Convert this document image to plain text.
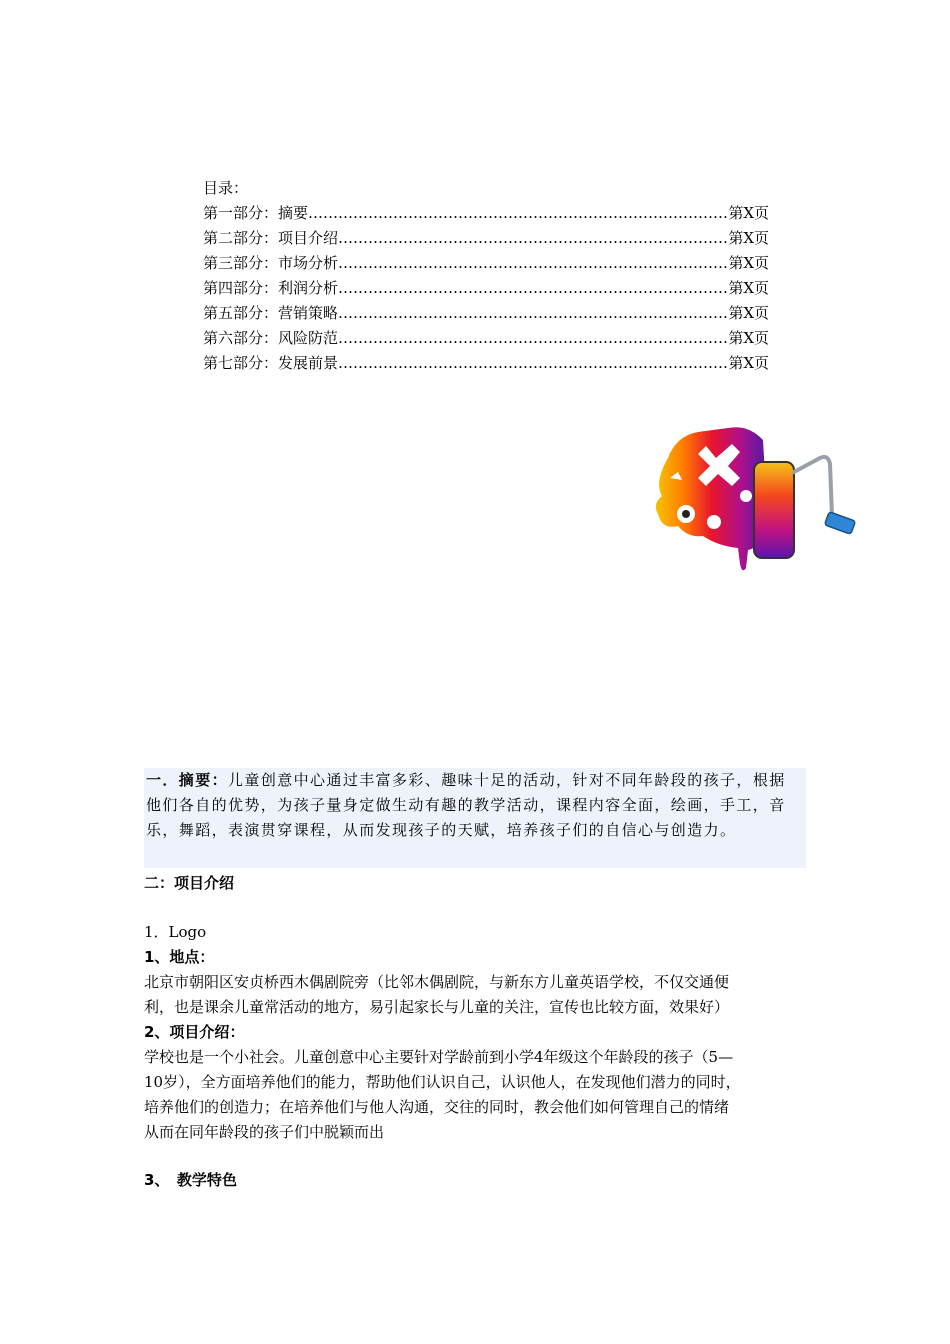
目录：
第一部分：摘要 ………………………………………………………………………………………………………………	第X页
第二部分：项目介绍 ………………………………………………………………………………………………………………	第X页
第三部分：市场分析 ………………………………………………………………………………………………………………	第X页
第四部分：利润分析 ………………………………………………………………………………………………………………	第X页
第五部分：营销策略 ………………………………………………………………………………………………………………	第X页
第六部分：风险防范 ………………………………………………………………………………………………………………	第X页
第七部分：发展前景 ………………………………………………………………………………………………………………	第X页

一．摘要：儿童创意中心通过丰富多彩、趣味十足的活动，针对不同年龄段的孩子，根据他们各自的优势，为孩子量身定做生动有趣的教学活动，课程内容全面，绘画，手工，音乐，舞蹈，表演贯穿课程，从而发现孩子的天赋，培养孩子们的自信心与创造力。

二：项目介绍
1．Logo
1、地点：
北京市朝阳区安贞桥西木偶剧院旁（比邻木偶剧院，与新东方儿童英语学校，不仅交通便
利，也是课余儿童常活动的地方，易引起家长与儿童的关注，宣传也比较方面，效果好）
2、项目介绍：
学校也是一个小社会。儿童创意中心主要针对学龄前到小学4年级这个年龄段的孩子（5—
10岁），全方面培养他们的能力，帮助他们认识自己，认识他人，在发现他们潜力的同时，
培养他们的创造力；在培养他们与他人沟通，交往的同时，教会他们如何管理自己的情绪
从而在同年龄段的孩子们中脱颖而出
3、　教学特色
